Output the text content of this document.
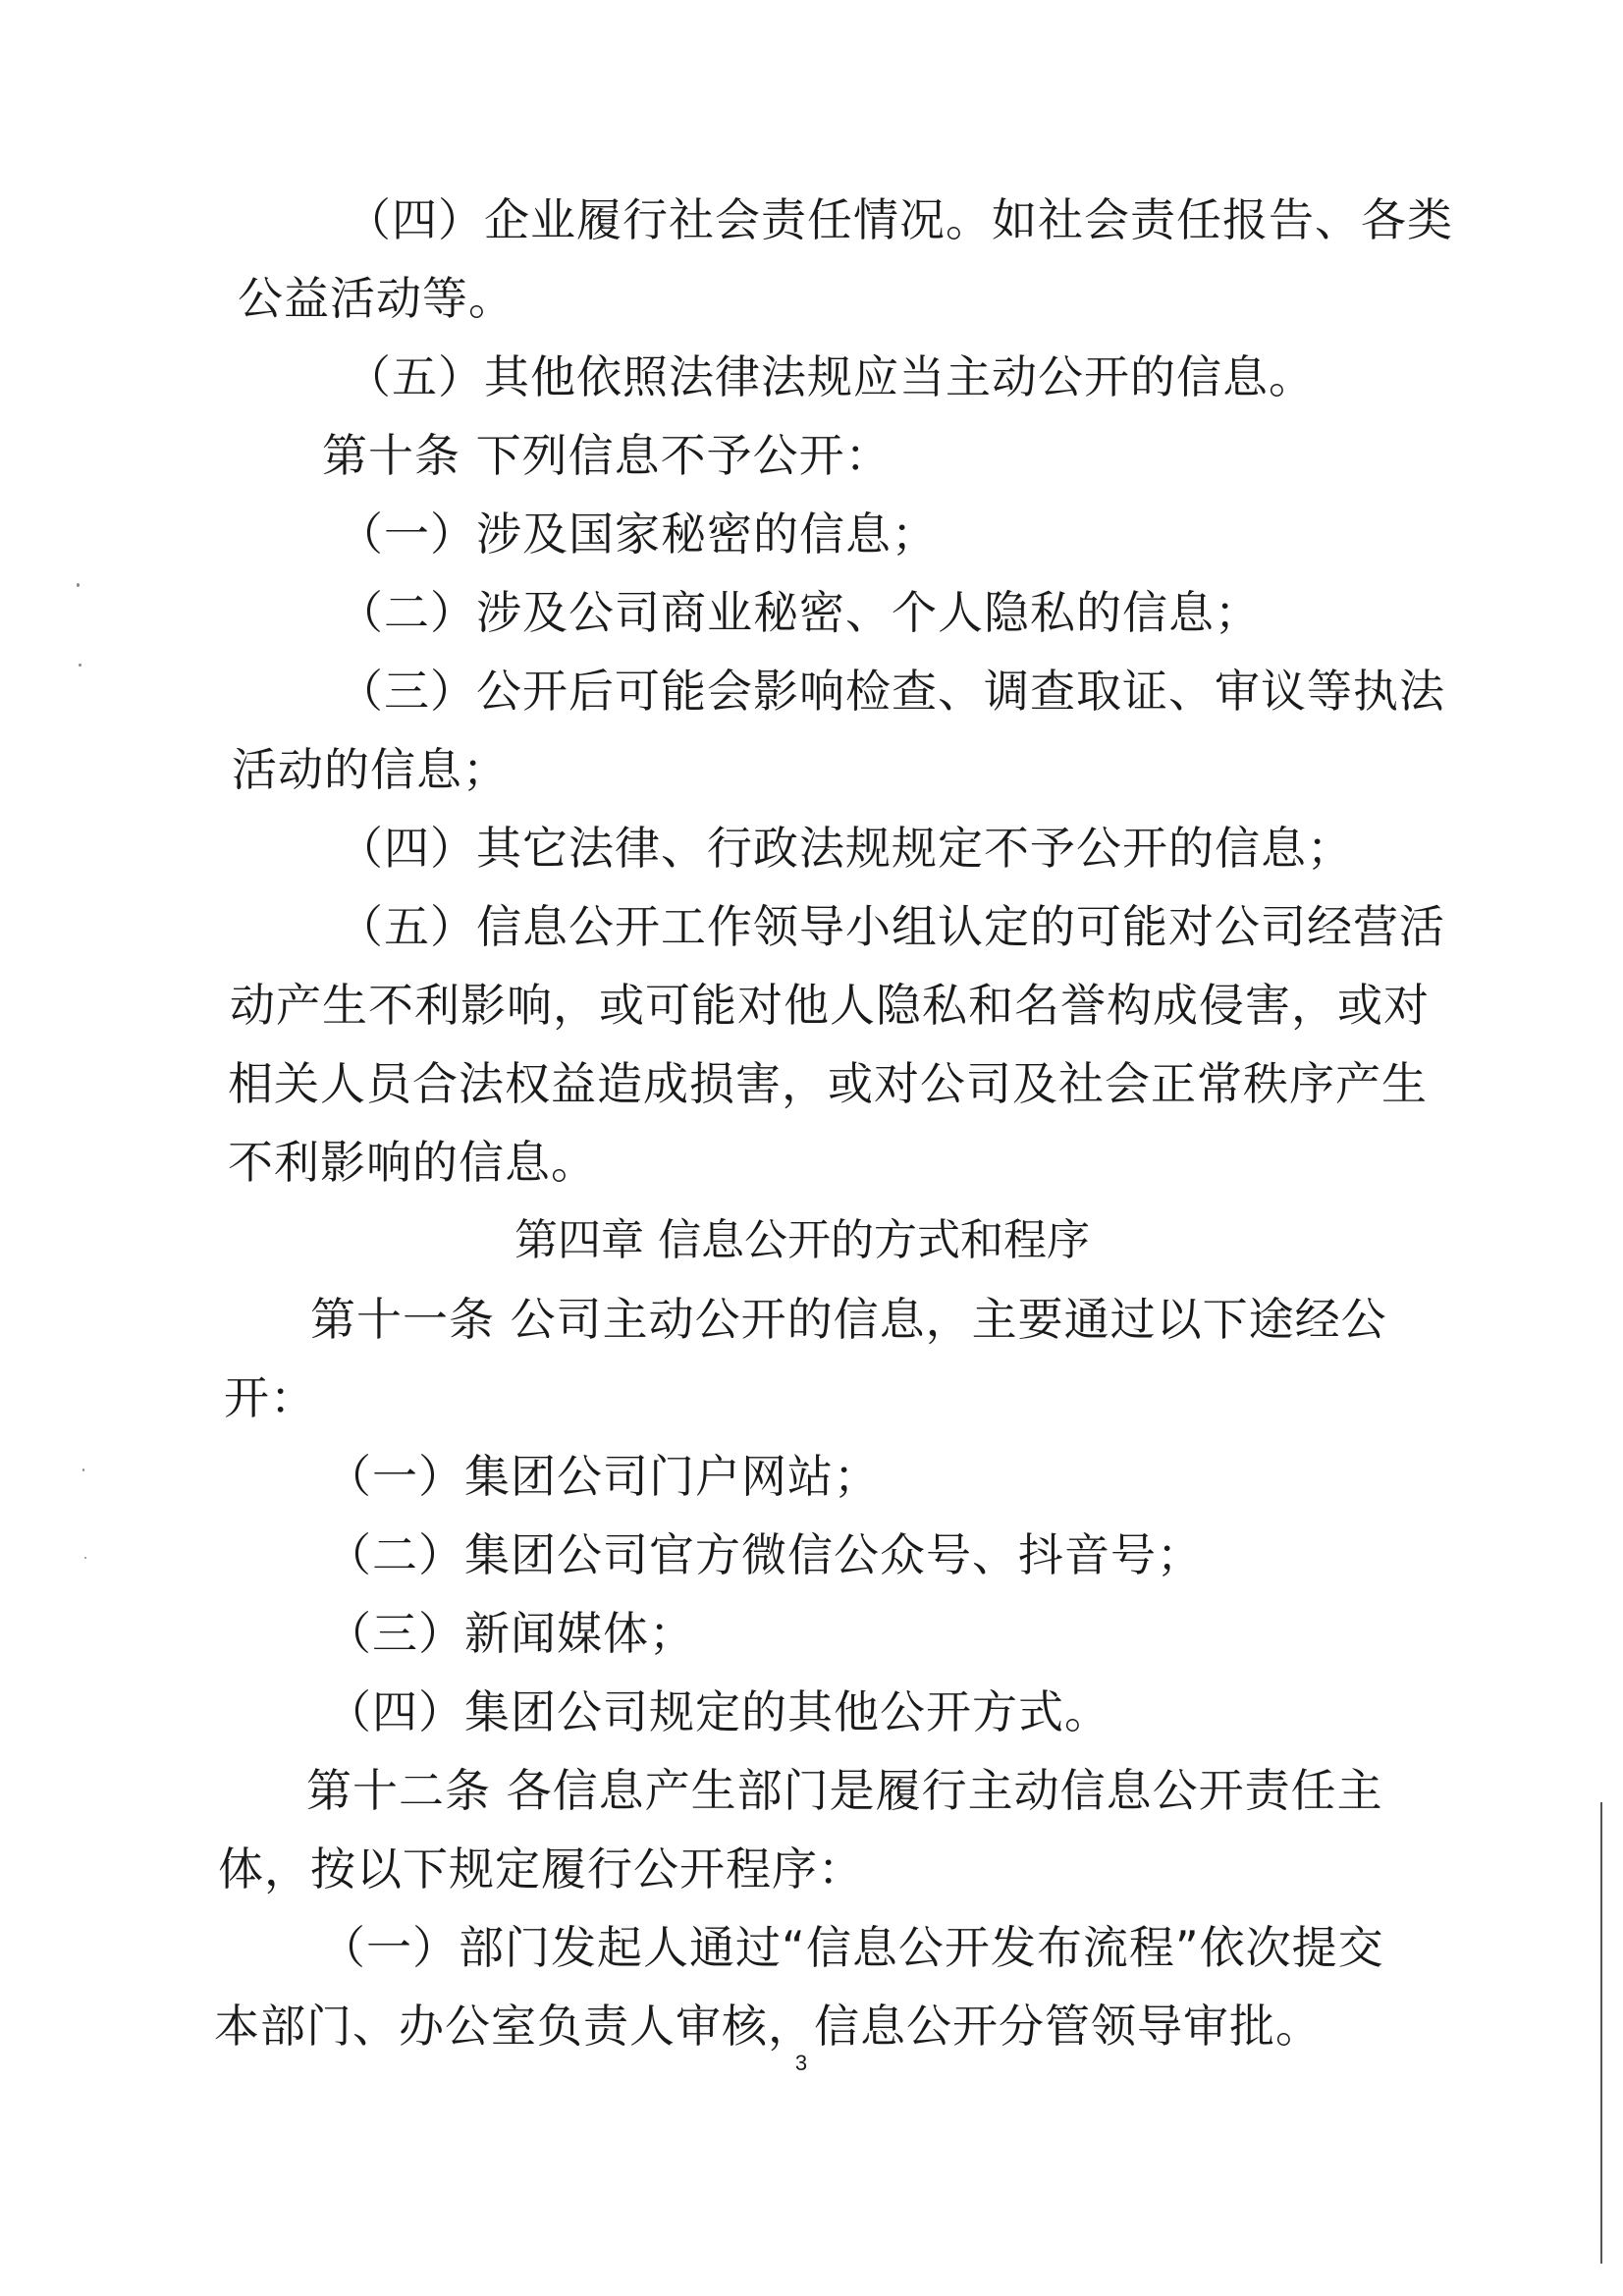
（四）企业履行社会责任情况。如社会责任报告、各类
公益活动等。
（五）其他依照法律法规应当主动公开的信息。
第十条 下列信息不予公开：
（一）涉及国家秘密的信息；
（二）涉及公司商业秘密、个人隐私的信息；
（三）公开后可能会影响检查、调查取证、审议等执法
活动的信息；
（四）其它法律、行政法规规定不予公开的信息；
（五）信息公开工作领导小组认定的可能对公司经营活
动产生不利影响，或可能对他人隐私和名誉构成侵害，或对
相关人员合法权益造成损害，或对公司及社会正常秩序产生
不利影响的信息。
第四章 信息公开的方式和程序
第十一条 公司主动公开的信息，主要通过以下途经公
开：
（一）集团公司门户网站；
（二）集团公司官方微信公众号、抖音号；
（三）新闻媒体；
（四）集团公司规定的其他公开方式。
第十二条 各信息产生部门是履行主动信息公开责任主
体，按以下规定履行公开程序：
（一）部门发起人通过“信息公开发布流程”依次提交
本部门、办公室负责人审核，信息公开分管领导审批。
3
